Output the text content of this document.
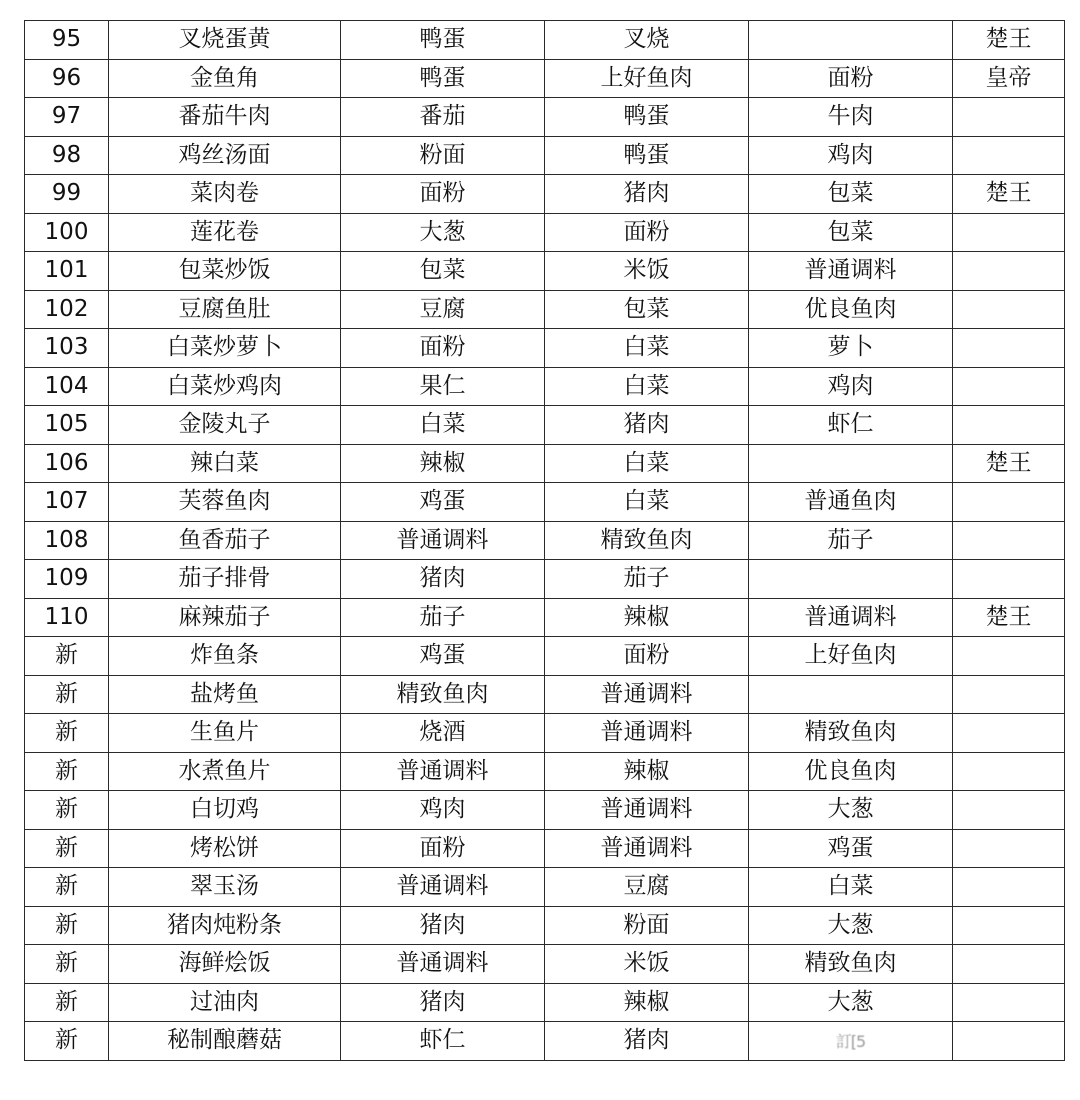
95	叉烧蛋黄	鸭蛋	叉烧		楚王
96	金鱼角	鸭蛋	上好鱼肉	面粉	皇帝
97	番茄牛肉	番茄	鸭蛋	牛肉	
98	鸡丝汤面	粉面	鸭蛋	鸡肉	
99	菜肉卷	面粉	猪肉	包菜	楚王
100	莲花卷	大葱	面粉	包菜	
101	包菜炒饭	包菜	米饭	普通调料	
102	豆腐鱼肚	豆腐	包菜	优良鱼肉	
103	白菜炒萝卜	面粉	白菜	萝卜	
104	白菜炒鸡肉	果仁	白菜	鸡肉	
105	金陵丸子	白菜	猪肉	虾仁	
106	辣白菜	辣椒	白菜		楚王
107	芙蓉鱼肉	鸡蛋	白菜	普通鱼肉	
108	鱼香茄子	普通调料	精致鱼肉	茄子	
109	茄子排骨	猪肉	茄子		
110	麻辣茄子	茄子	辣椒	普通调料	楚王
新	炸鱼条	鸡蛋	面粉	上好鱼肉	
新	盐烤鱼	精致鱼肉	普通调料		
新	生鱼片	烧酒	普通调料	精致鱼肉	
新	水煮鱼片	普通调料	辣椒	优良鱼肉	
新	白切鸡	鸡肉	普通调料	大葱	
新	烤松饼	面粉	普通调料	鸡蛋	
新	翠玉汤	普通调料	豆腐	白菜	
新	猪肉炖粉条	猪肉	粉面	大葱	
新	海鲜烩饭	普通调料	米饭	精致鱼肉	
新	过油肉	猪肉	辣椒	大葱	
新	秘制酿蘑菇	虾仁	猪肉	訂[5	
